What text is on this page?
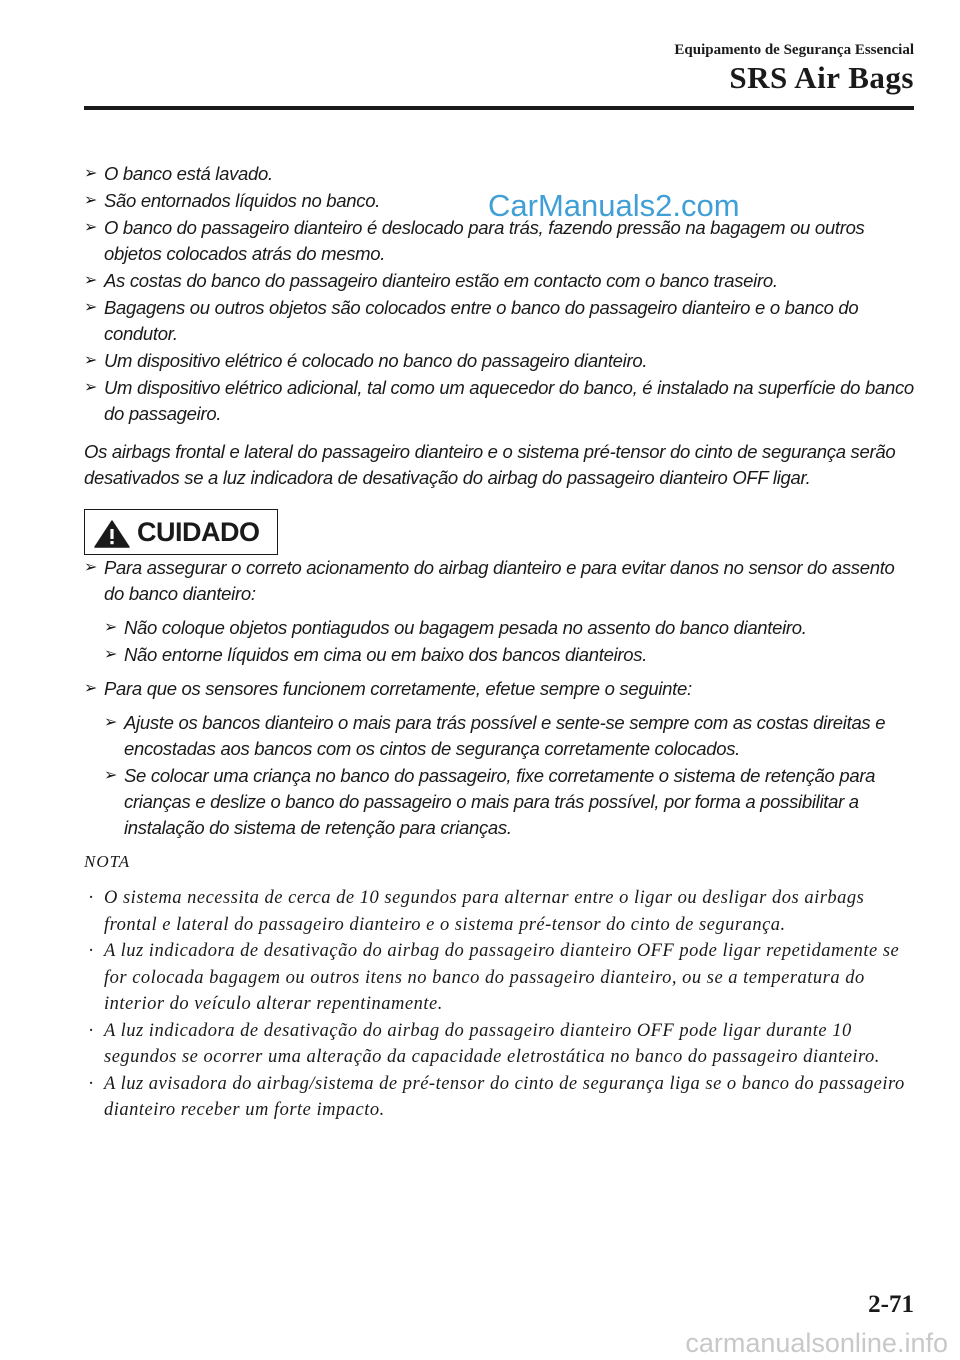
Equipamento de Segurança Essencial
SRS Air Bags
CarManuals2.com
➢ O banco está lavado.
➢ São entornados líquidos no banco.
➢ O banco do passageiro dianteiro é deslocado para trás, fazendo pressão na bagagem ou outros objetos colocados atrás do mesmo.
➢ As costas do banco do passageiro dianteiro estão em contacto com o banco traseiro.
➢ Bagagens ou outros objetos são colocados entre o banco do passageiro dianteiro e o banco do condutor.
➢ Um dispositivo elétrico é colocado no banco do passageiro dianteiro.
➢ Um dispositivo elétrico adicional, tal como um aquecedor do banco, é instalado na superfície do banco do passageiro.
Os airbags frontal e lateral do passageiro dianteiro e o sistema pré-tensor do cinto de segurança serão desativados se a luz indicadora de desativação do airbag do passageiro dianteiro OFF ligar.
CUIDADO
➢ Para assegurar o correto acionamento do airbag dianteiro e para evitar danos no sensor do assento do banco dianteiro:
➢ Não coloque objetos pontiagudos ou bagagem pesada no assento do banco dianteiro.
➢ Não entorne líquidos em cima ou em baixo dos bancos dianteiros.
➢ Para que os sensores funcionem corretamente, efetue sempre o seguinte:
➢ Ajuste os bancos dianteiro o mais para trás possível e sente-se sempre com as costas direitas e encostadas aos bancos com os cintos de segurança corretamente colocados.
➢ Se colocar uma criança no banco do passageiro, fixe corretamente o sistema de retenção para crianças e deslize o banco do passageiro o mais para trás possível, por forma a possibilitar a instalação do sistema de retenção para crianças.
NOTA
· O sistema necessita de cerca de 10 segundos para alternar entre o ligar ou desligar dos airbags frontal e lateral do passageiro dianteiro e o sistema pré-tensor do cinto de segurança.
· A luz indicadora de desativação do airbag do passageiro dianteiro OFF pode ligar repetidamente se for colocada bagagem ou outros itens no banco do passageiro dianteiro, ou se a temperatura do interior do veículo alterar repentinamente.
· A luz indicadora de desativação do airbag do passageiro dianteiro OFF pode ligar durante 10 segundos se ocorrer uma alteração da capacidade eletrostática no banco do passageiro dianteiro.
· A luz avisadora do airbag/sistema de pré-tensor do cinto de segurança liga se o banco do passageiro dianteiro receber um forte impacto.
2-71
carmanualsonline.info
